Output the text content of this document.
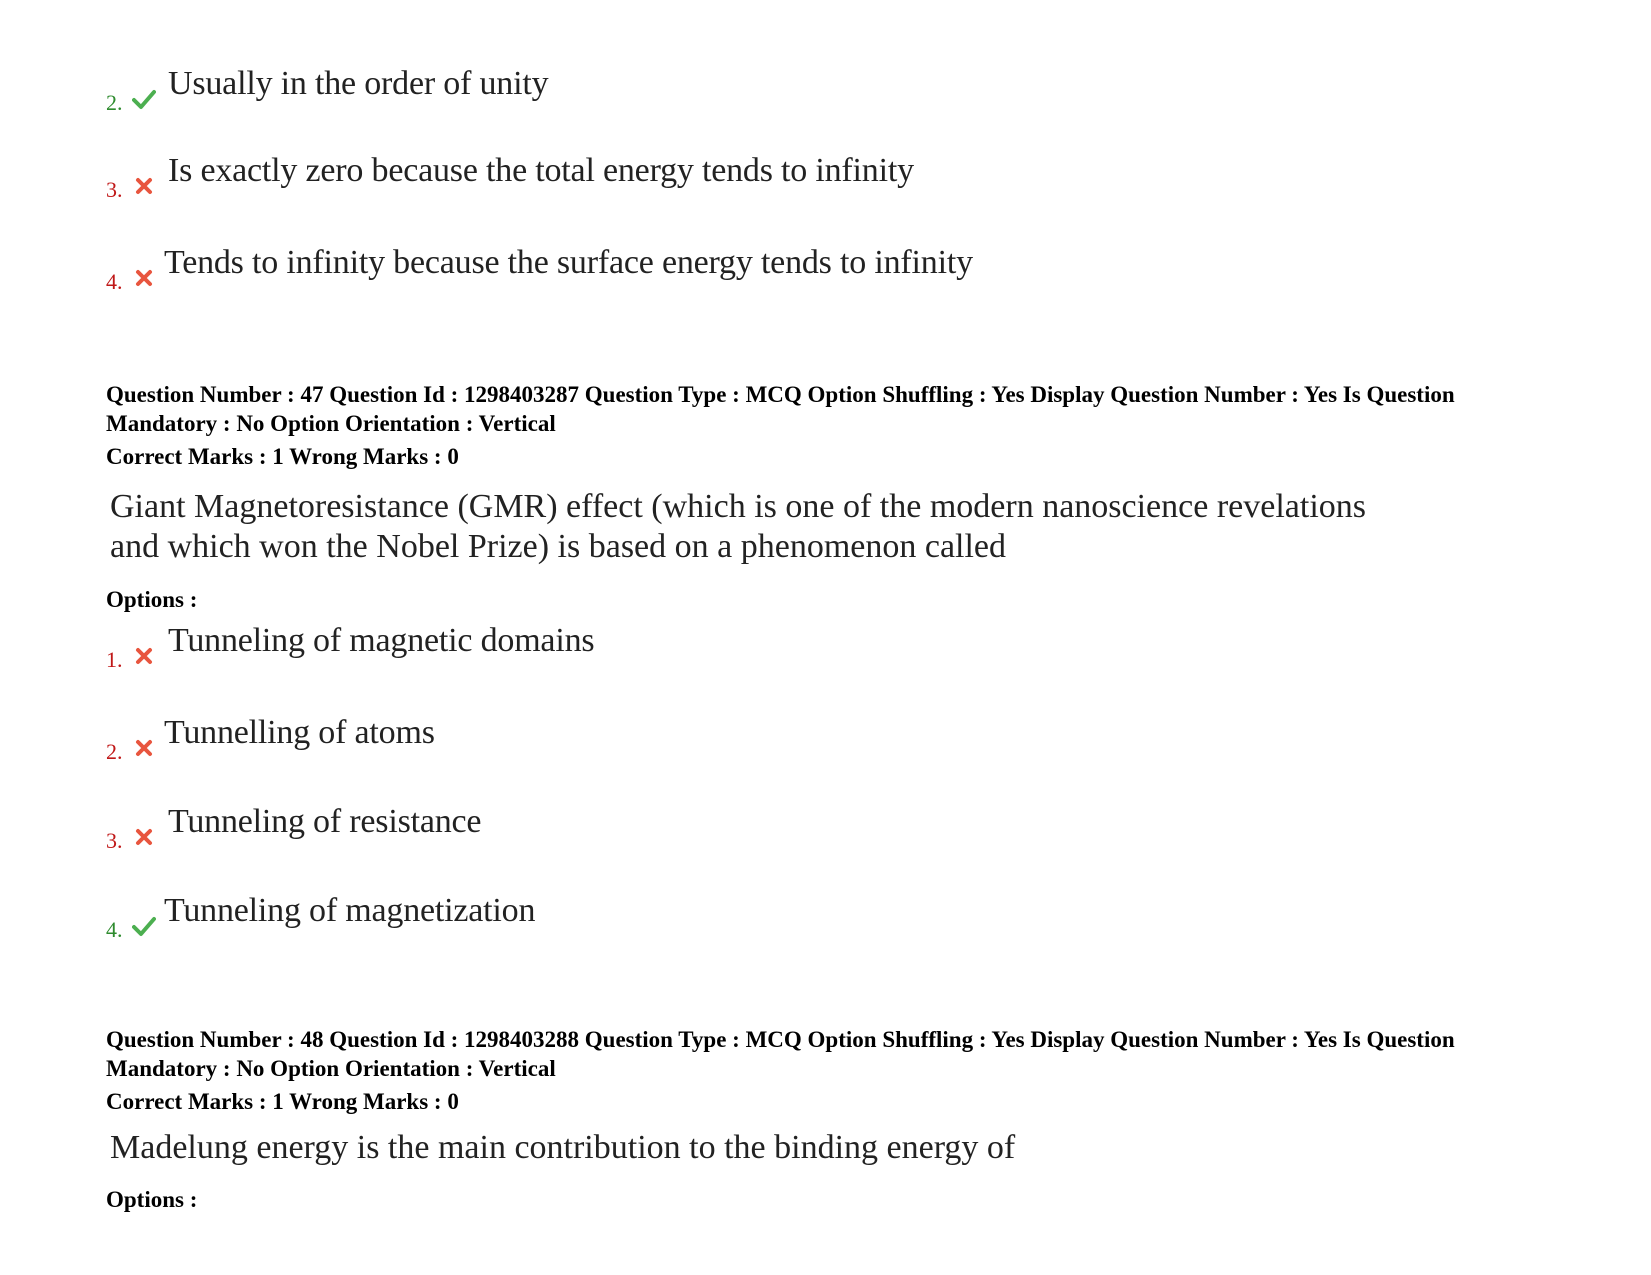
2.
Usually in the order of unity
3.
Is exactly zero because the total energy tends to infinity
4.
Tends to infinity because the surface energy tends to infinity
Question Number : 47 Question Id : 1298403287 Question Type : MCQ Option Shuffling : Yes Display Question Number : Yes Is Question Mandatory : No Option Orientation : Vertical
Correct Marks : 1 Wrong Marks : 0
Giant Magnetoresistance (GMR) effect (which is one of the modern nanoscience revelations and which won the Nobel Prize) is based on a phenomenon called
Options :
1.
Tunneling of magnetic domains
2.
Tunnelling of atoms
3.
Tunneling of resistance
4.
Tunneling of magnetization
Question Number : 48 Question Id : 1298403288 Question Type : MCQ Option Shuffling : Yes Display Question Number : Yes Is Question Mandatory : No Option Orientation : Vertical
Correct Marks : 1 Wrong Marks : 0
Madelung energy is the main contribution to the binding energy of
Options :
